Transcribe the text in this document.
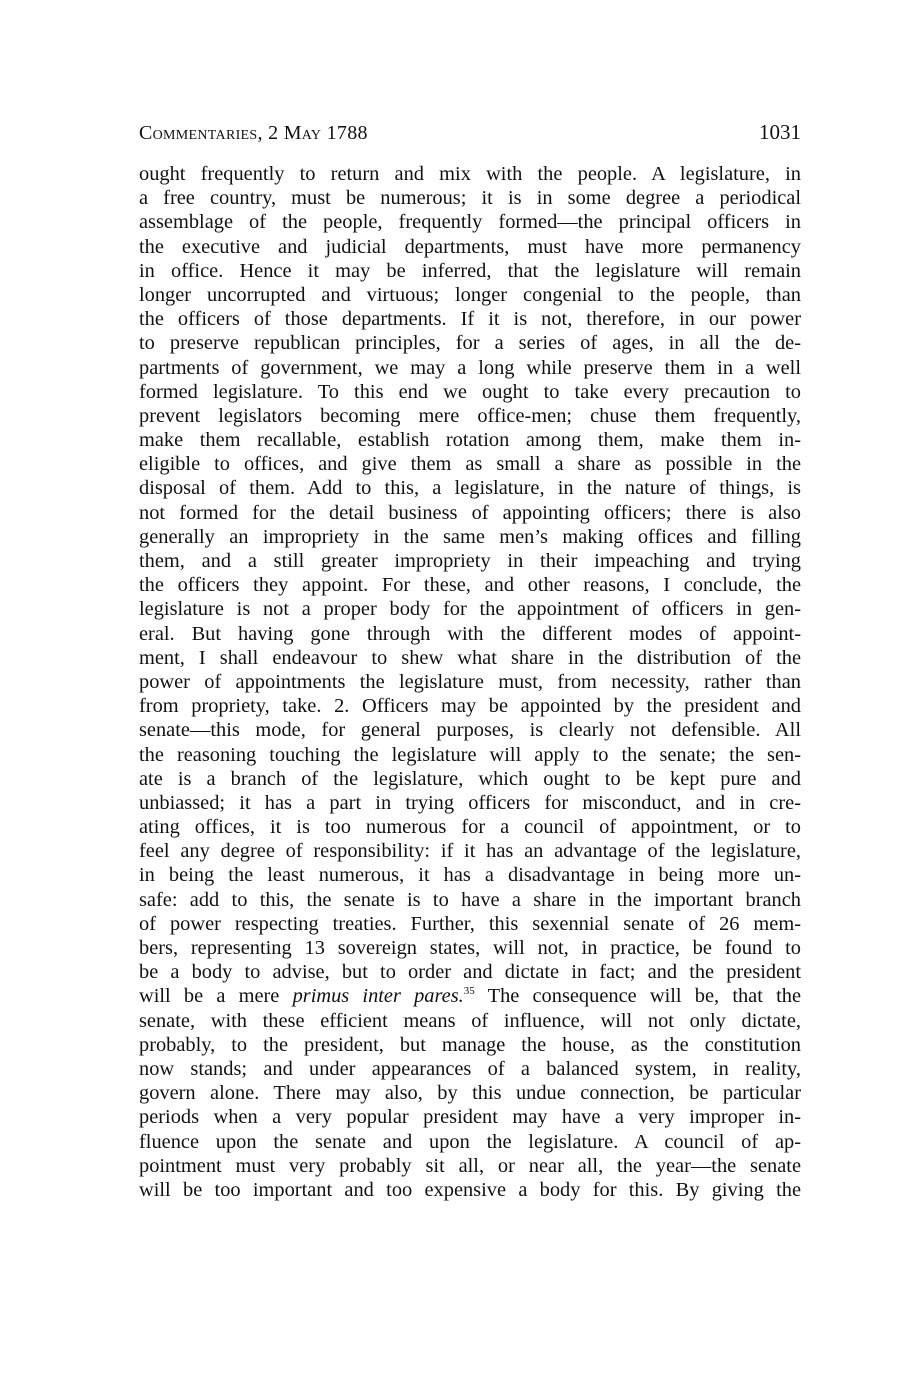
Commentaries, 2 May 1788	1031
ought frequently to return and mix with the people. A legislature, in
a free country, must be numerous; it is in some degree a periodical
assemblage of the people, frequently formed—the principal officers in
the executive and judicial departments, must have more permanency
in office. Hence it may be inferred, that the legislature will remain
longer uncorrupted and virtuous; longer congenial to the people, than
the officers of those departments. If it is not, therefore, in our power
to preserve republican principles, for a series of ages, in all the de-
partments of government, we may a long while preserve them in a well
formed legislature. To this end we ought to take every precaution to
prevent legislators becoming mere office-men; chuse them frequently,
make them recallable, establish rotation among them, make them in-
eligible to offices, and give them as small a share as possible in the
disposal of them. Add to this, a legislature, in the nature of things, is
not formed for the detail business of appointing officers; there is also
generally an impropriety in the same men’s making offices and filling
them, and a still greater impropriety in their impeaching and trying
the officers they appoint. For these, and other reasons, I conclude, the
legislature is not a proper body for the appointment of officers in gen-
eral. But having gone through with the different modes of appoint-
ment, I shall endeavour to shew what share in the distribution of the
power of appointments the legislature must, from necessity, rather than
from propriety, take. 2. Officers may be appointed by the president and
senate—this mode, for general purposes, is clearly not defensible. All
the reasoning touching the legislature will apply to the senate; the sen-
ate is a branch of the legislature, which ought to be kept pure and
unbiassed; it has a part in trying officers for misconduct, and in cre-
ating offices, it is too numerous for a council of appointment, or to
feel any degree of responsibility: if it has an advantage of the legislature,
in being the least numerous, it has a disadvantage in being more un-
safe: add to this, the senate is to have a share in the important branch
of power respecting treaties. Further, this sexennial senate of 26 mem-
bers, representing 13 sovereign states, will not, in practice, be found to
be a body to advise, but to order and dictate in fact; and the president
will be a mere primus inter pares.$^{35}$ The consequence will be, that the
senate, with these efficient means of influence, will not only dictate,
probably, to the president, but manage the house, as the constitution
now stands; and under appearances of a balanced system, in reality,
govern alone. There may also, by this undue connection, be particular
periods when a very popular president may have a very improper in-
fluence upon the senate and upon the legislature. A council of ap-
pointment must very probably sit all, or near all, the year—the senate
will be too important and too expensive a body for this. By giving the
